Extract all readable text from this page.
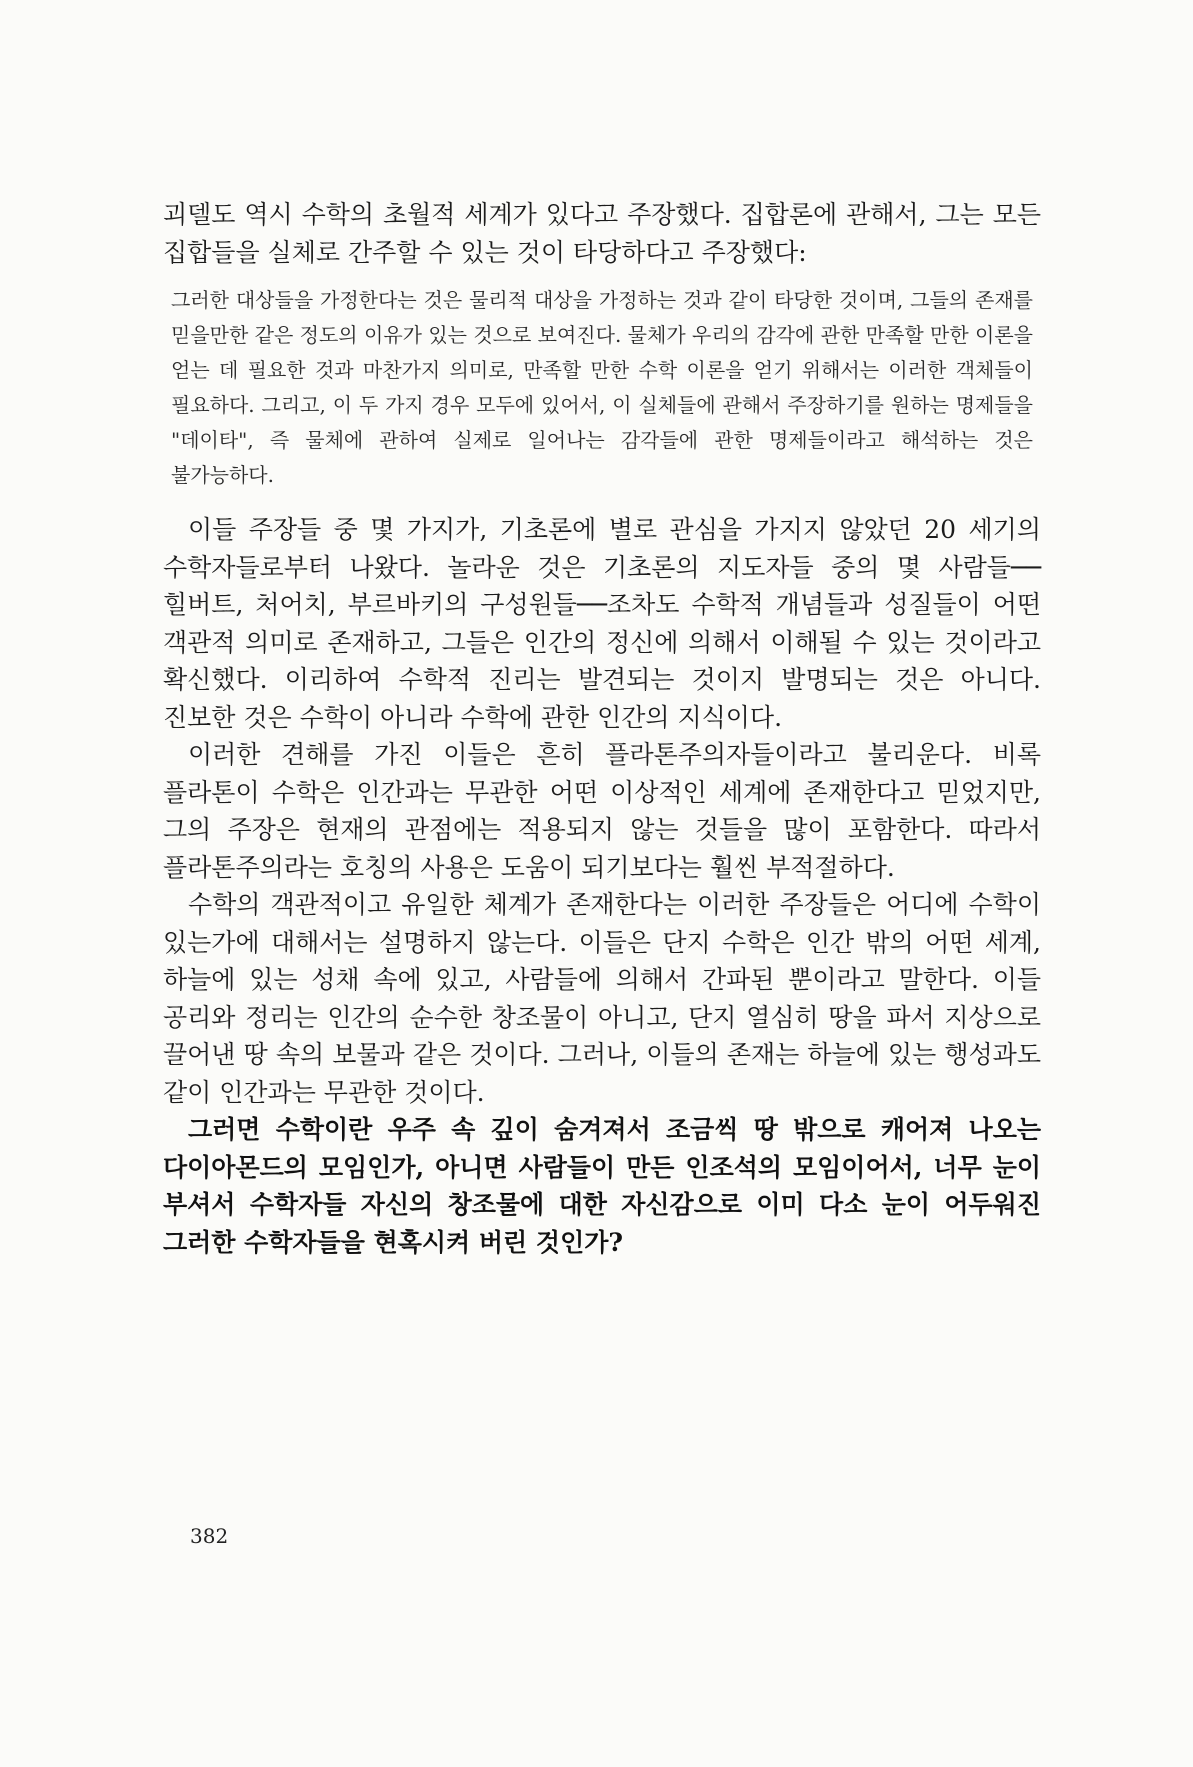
괴델도 역시 수학의 초월적 세계가 있다고 주장했다. 집합론에 관해서, 그는 모든 집합들을 실체로 간주할 수 있는 것이 타당하다고 주장했다:

그러한 대상들을 가정한다는 것은 물리적 대상을 가정하는 것과 같이 타당한 것이며, 그들의 존재를 믿을만한 같은 정도의 이유가 있는 것으로 보여진다. 물체가 우리의 감각에 관한 만족할 만한 이론을 얻는 데 필요한 것과 마찬가지 의미로, 만족할 만한 수학 이론을 얻기 위해서는 이러한 객체들이 필요하다. 그리고, 이 두 가지 경우 모두에 있어서, 이 실체들에 관해서 주장하기를 원하는 명제들을 "데이타", 즉 물체에 관하여 실제로 일어나는 감각들에 관한 명제들이라고 해석하는 것은 불가능하다.

이들 주장들 중 몇 가지가, 기초론에 별로 관심을 가지지 않았던 20 세기의 수학자들로부터 나왔다. 놀라운 것은 기초론의 지도자들 중의 몇 사람들──힐버트, 처어치, 부르바키의 구성원들──조차도 수학적 개념들과 성질들이 어떤 객관적 의미로 존재하고, 그들은 인간의 정신에 의해서 이해될 수 있는 것이라고 확신했다. 이리하여 수학적 진리는 발견되는 것이지 발명되는 것은 아니다. 진보한 것은 수학이 아니라 수학에 관한 인간의 지식이다.

이러한 견해를 가진 이들은 흔히 플라톤주의자들이라고 불리운다. 비록 플라톤이 수학은 인간과는 무관한 어떤 이상적인 세계에 존재한다고 믿었지만, 그의 주장은 현재의 관점에는 적용되지 않는 것들을 많이 포함한다. 따라서 플라톤주의라는 호칭의 사용은 도움이 되기보다는 훨씬 부적절하다.

수학의 객관적이고 유일한 체계가 존재한다는 이러한 주장들은 어디에 수학이 있는가에 대해서는 설명하지 않는다. 이들은 단지 수학은 인간 밖의 어떤 세계, 하늘에 있는 성채 속에 있고, 사람들에 의해서 간파된 뿐이라고 말한다. 이들 공리와 정리는 인간의 순수한 창조물이 아니고, 단지 열심히 땅을 파서 지상으로 끌어낸 땅 속의 보물과 같은 것이다. 그러나, 이들의 존재는 하늘에 있는 행성과도 같이 인간과는 무관한 것이다.

그러면 수학이란 우주 속 깊이 숨겨져서 조금씩 땅 밖으로 캐어져 나오는 다이아몬드의 모임인가, 아니면 사람들이 만든 인조석의 모임이어서, 너무 눈이 부셔서 수학자들 자신의 창조물에 대한 자신감으로 이미 다소 눈이 어두워진 그러한 수학자들을 현혹시켜 버린 것인가?

382
